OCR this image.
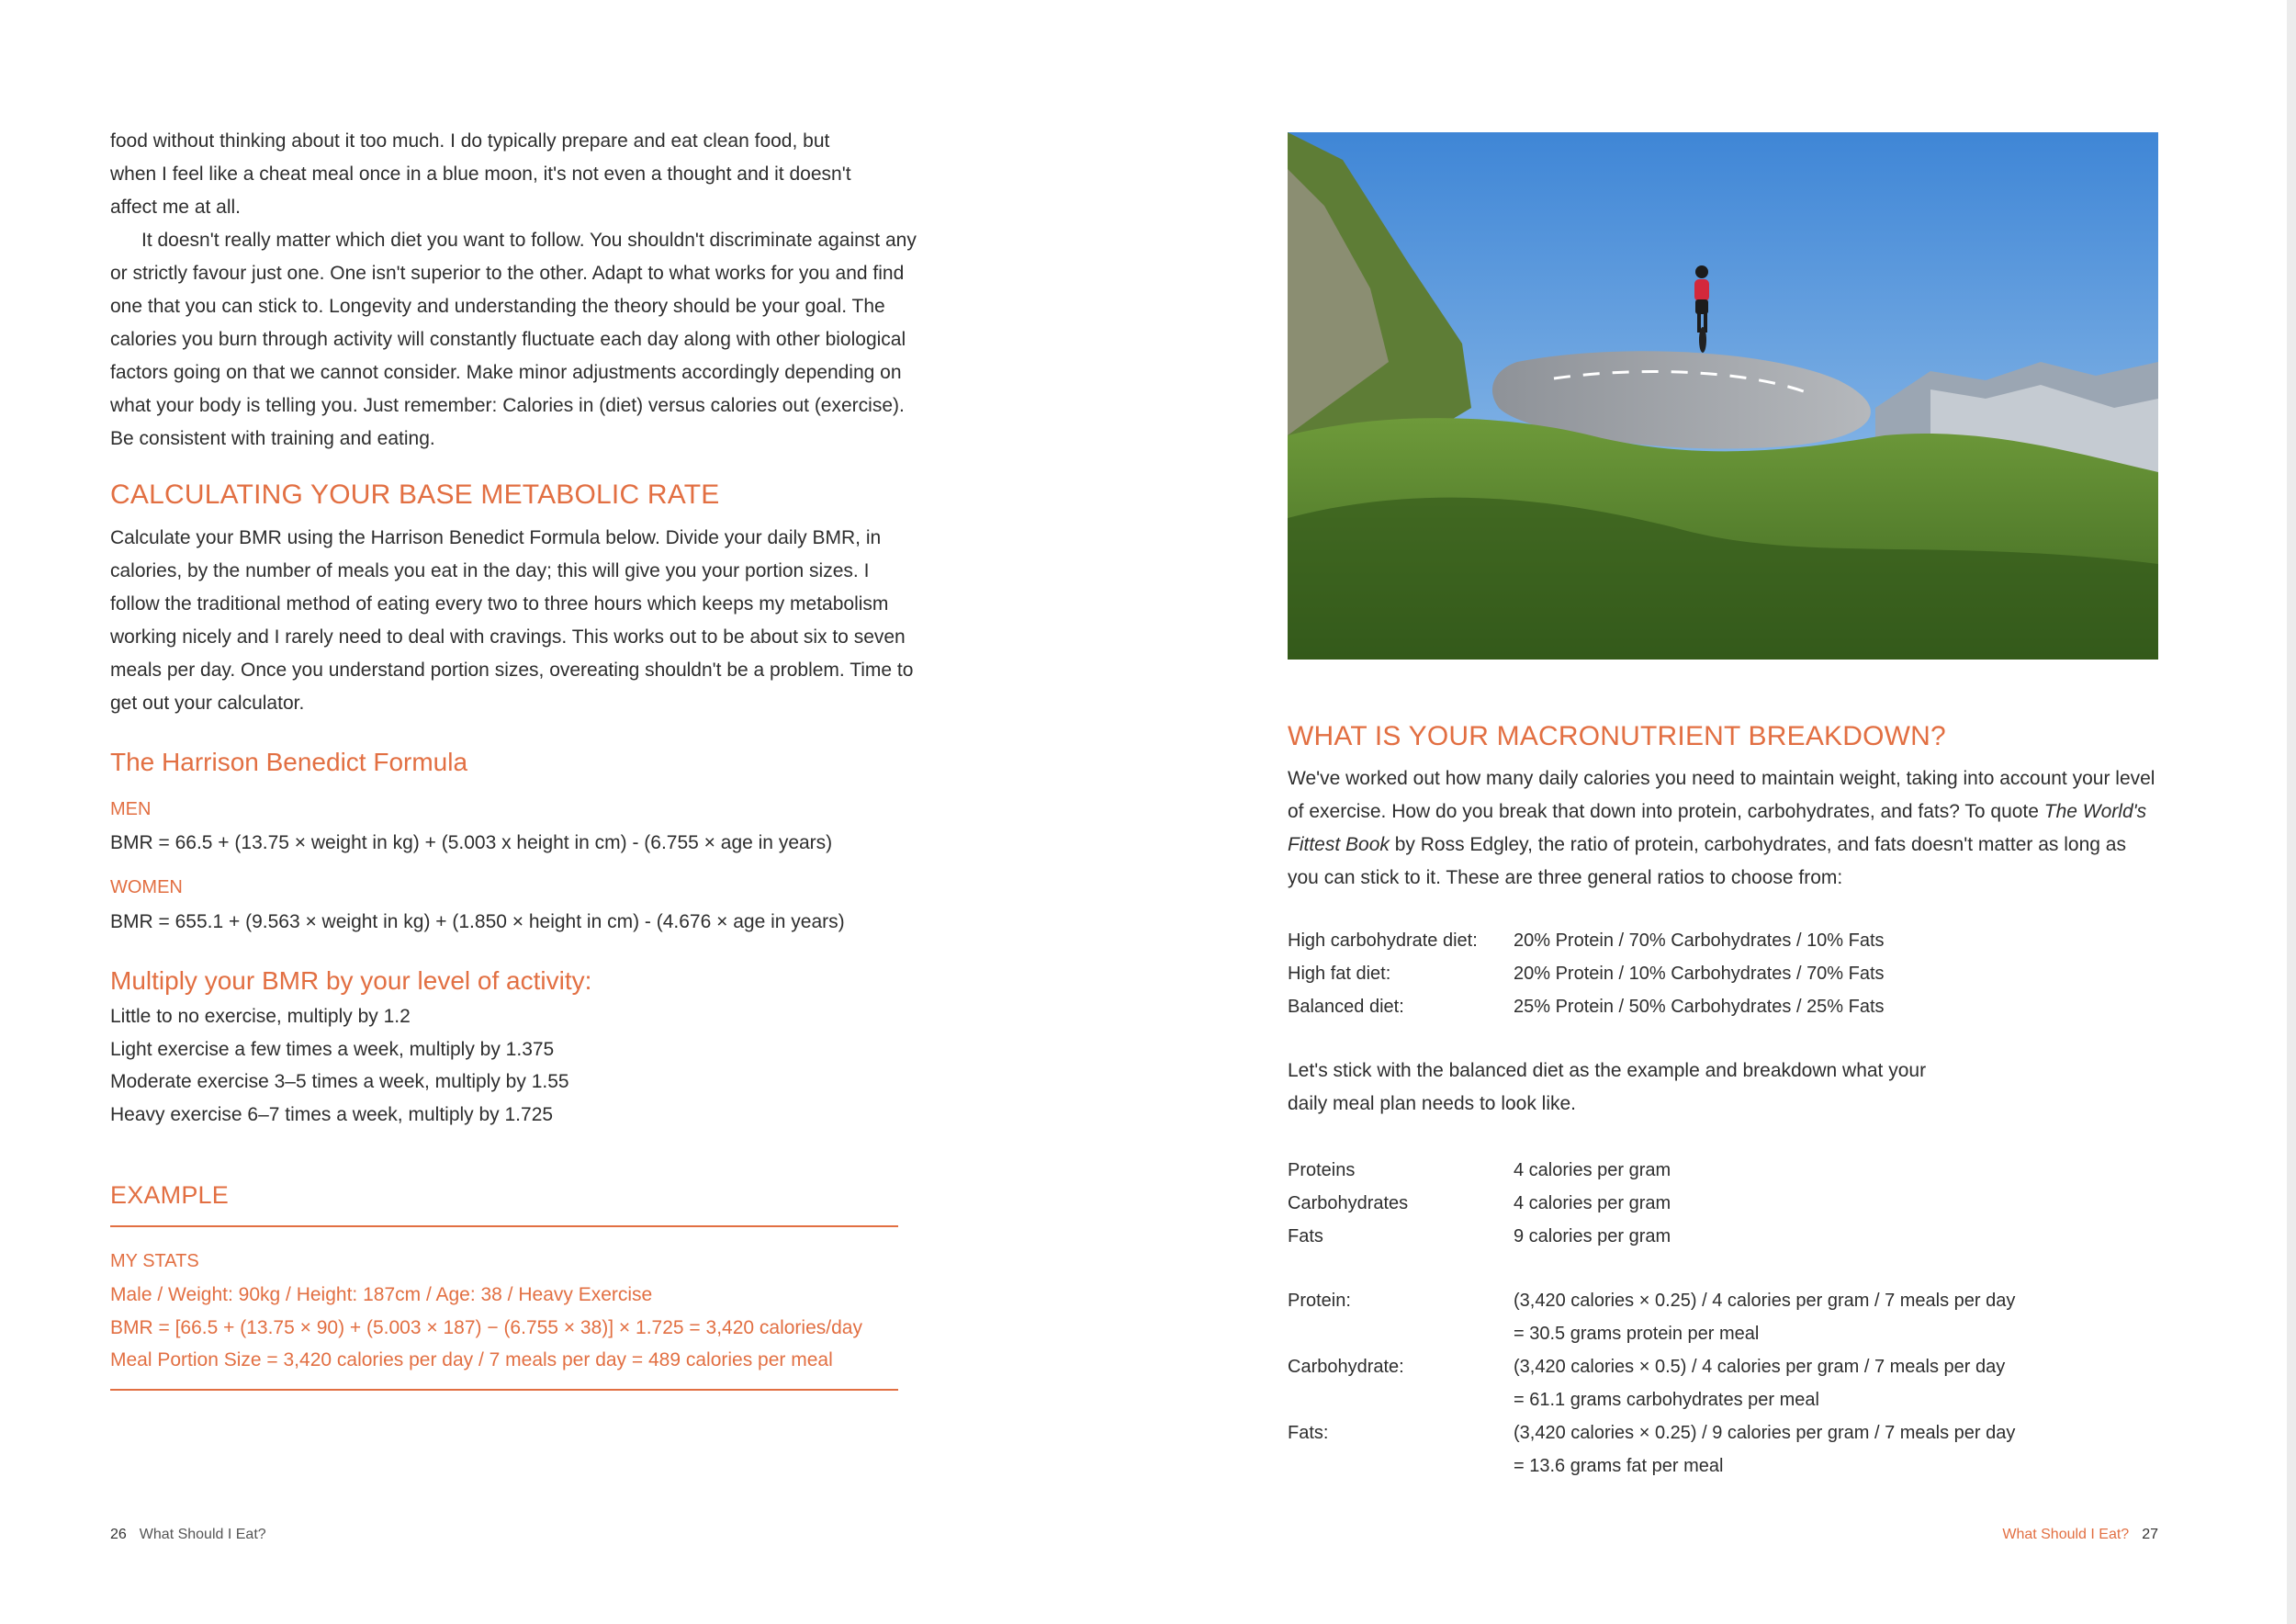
food without thinking about it too much. I do typically prepare and eat clean food, but when I feel like a cheat meal once in a blue moon, it's not even a thought and it doesn't affect me at all.

It doesn't really matter which diet you want to follow. You shouldn't discriminate against any or strictly favour just one. One isn't superior to the other. Adapt to what works for you and find one that you can stick to. Longevity and understanding the theory should be your goal. The calories you burn through activity will constantly fluctuate each day along with other biological factors going on that we cannot consider. Make minor adjustments accordingly depending on what your body is telling you. Just remember: Calories in (diet) versus calories out (exercise). Be consistent with training and eating.

CALCULATING YOUR BASE METABOLIC RATE

Calculate your BMR using the Harrison Benedict Formula below. Divide your daily BMR, in calories, by the number of meals you eat in the day; this will give you your portion sizes. I follow the traditional method of eating every two to three hours which keeps my metabolism working nicely and I rarely need to deal with cravings. This works out to be about six to seven meals per day. Once you understand portion sizes, overeating shouldn't be a problem. Time to get out your calculator.

The Harrison Benedict Formula
MEN
BMR = 66.5 + (13.75 × weight in kg) + (5.003 x height in cm) - (6.755 × age in years)
WOMEN
BMR = 655.1 + (9.563 × weight in kg) + (1.850 × height in cm) - (4.676 × age in years)
Multiply your BMR by your level of activity:
Little to no exercise, multiply by 1.2
Light exercise a few times a week, multiply by 1.375
Moderate exercise 3–5 times a week, multiply by 1.55
Heavy exercise 6–7 times a week, multiply by 1.725
EXAMPLE
MY STATS
Male / Weight: 90kg / Height: 187cm / Age: 38 / Heavy Exercise
BMR = [66.5 + (13.75 × 90) + (5.003 × 187) − (6.755 × 38)] × 1.725 = 3,420 calories/day
Meal Portion Size = 3,420 calories per day / 7 meals per day = 489 calories per meal
26 What Should I Eat?
WHAT IS YOUR MACRONUTRIENT BREAKDOWN?

We've worked out how many daily calories you need to maintain weight, taking into account your level of exercise. How do you break that down into protein, carbohydrates, and fats? To quote The World's Fittest Book by Ross Edgley, the ratio of protein, carbohydrates, and fats doesn't matter as long as you can stick to it. These are three general ratios to choose from:

High carbohydrate diet:	20% Protein / 70% Carbohydrates / 10% Fats
High fat diet:	20% Protein / 10% Carbohydrates / 70% Fats
Balanced diet:	25% Protein / 50% Carbohydrates / 25% Fats

Let's stick with the balanced diet as the example and breakdown what your daily meal plan needs to look like.

Proteins	4 calories per gram
Carbohydrates	4 calories per gram
Fats	9 calories per gram
Protein:	(3,420 calories × 0.25) / 4 calories per gram / 7 meals per day
= 30.5 grams protein per meal
Carbohydrate:	(3,420 calories × 0.5) / 4 calories per gram / 7 meals per day
= 61.1 grams carbohydrates per meal
Fats:	(3,420 calories × 0.25) / 9 calories per gram / 7 meals per day
= 13.6 grams fat per meal
What Should I Eat? 27
